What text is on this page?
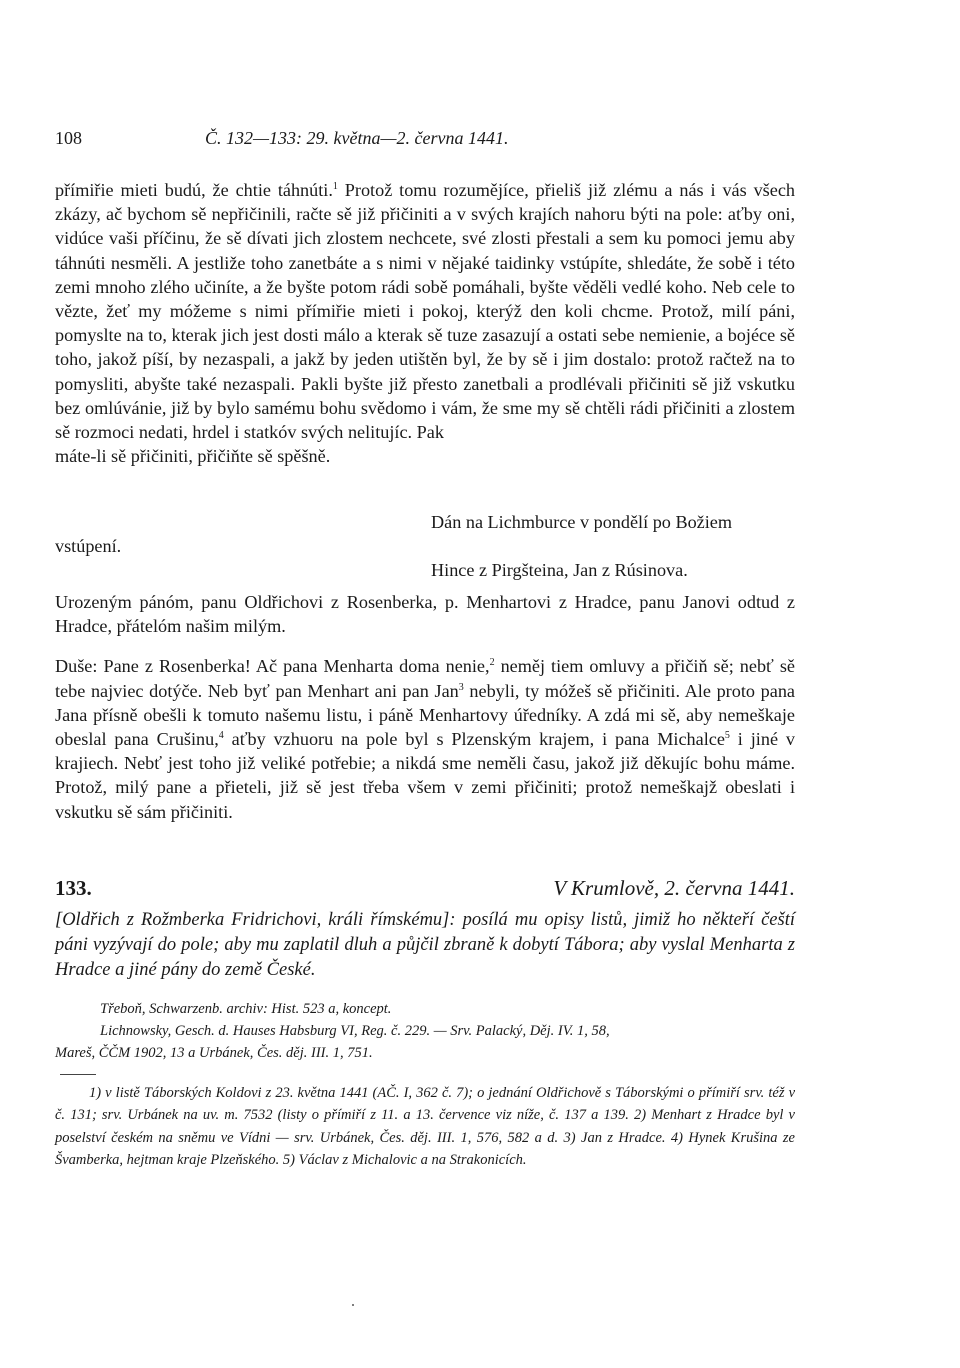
108	Č. 132—133: 29. května—2. června 1441.

přímiřie mieti budú, že chtie táhnúti.$^1$ Protož tomu rozumějíce, přieliš již zlému a nás i vás všech zkázy, ač bychom sě nepřičinili, račte sě již přičiniti a v svých krajích nahoru býti na pole: aťby oni, vidúce vaši příčinu, že sě dívati jich zlostem nechcete, své zlosti přestali a sem ku pomoci jemu aby táhnúti nesměli. A jestliže toho zanetbáte a s nimi v nějaké taidinky vstúpíte, shledáte, že sobě i této zemi mnoho zlého učiníte, a že byšte potom rádi sobě pomáhali, byšte věděli vedlé koho. Neb cele to vězte, žeť my móžeme s nimi přímiřie mieti i pokoj, kterýž den koli chcme. Protož, milí páni, pomyslte na to, kterak jich jest dosti málo a kterak sě tuze zasazují a ostati sebe nemienie, a bojéce sě toho, jakož píší, by nezaspali, a jakž by jeden utištěn byl, že by sě i jim dostalo: protož račtež na to pomysliti, abyšte také nezaspali. Pakli byšte již přesto zanetbali a prodlévali přičiniti sě již vskutku bez omlúvánie, již by bylo samému bohu svědomo i vám, že sme my sě chtěli rádi přičiniti a zlostem sě rozmoci nedati, hrdel i statkóv svých nelitujíc. Pak

máte-li sě přičiniti, přičiňte sě spěšně.

Dán na Lichmburce v pondělí po Božiem
vstúpení.
Hince z Pirgšteina, Jan z Rúsinova.

Urozeným pánóm, panu Oldřichovi z Rosenberka, p. Menhartovi z Hradce, panu Janovi odtud z Hradce, přátelóm našim milým.

Duše: Pane z Rosenberka! Ač pana Menharta doma nenie,$^2$ neměj tiem omluvy a přičiň sě; nebť sě tebe najviec dotýče. Neb byť pan Menhart ani pan Jan$^3$ nebyli, ty móžeš sě přičiniti. Ale proto pana Jana přísně obešli k tomuto našemu listu, i páně Menhartovy úředníky. A zdá mi sě, aby nemeškaje obeslal pana Crušinu,$^4$ aťby vzhuoru na pole byl s Plzenským krajem, i pana Michalce$^5$ i jiné v krajiech. Nebť jest toho již veliké potřebie; a nikdá sme neměli času, jakož již děkujíc bohu máme. Protož, milý pane a přieteli, již sě jest třeba všem v zemi přičiniti; protož nemeškajž obeslati i vskutku sě sám přičiniti.

133.	V Krumlově, 2. června 1441.

[Oldřich z Rožmberka Fridrichovi, králi římskému]: posílá mu opisy listů, jimiž ho někteří čeští páni vyzývají do pole; aby mu zaplatil dluh a půjčil zbraně k dobytí Tábora; aby vyslal Menharta z Hradce a jiné pány do země České.

Třeboň, Schwarzenb. archiv: Hist. 523 a, koncept.

Lichnowsky, Gesch. d. Hauses Habsburg VI, Reg. č. 229. — Srv. Palacký, Děj. IV. 1, 58,

Mareš, ČČM 1902, 13 a Urbánek, Čes. děj. III. 1, 751.

1) v listě Táborských Koldovi z 23. května 1441 (AČ. I, 362 č. 7); o jednání Oldřichově s Táborskými o přímiří srv. též v č. 131; srv. Urbánek na uv. m. 7532 (listy o přímiří z 11. a 13. července viz níže, č. 137 a 139. 2) Menhart z Hradce byl v poselství českém na sněmu ve Vídni — srv. Urbánek, Čes. děj. III. 1, 576, 582 a d. 3) Jan z Hradce. 4) Hynek Krušina ze Švamberka, hejtman kraje Plzeňského. 5) Václav z Michalovic a na Strakonicích.
